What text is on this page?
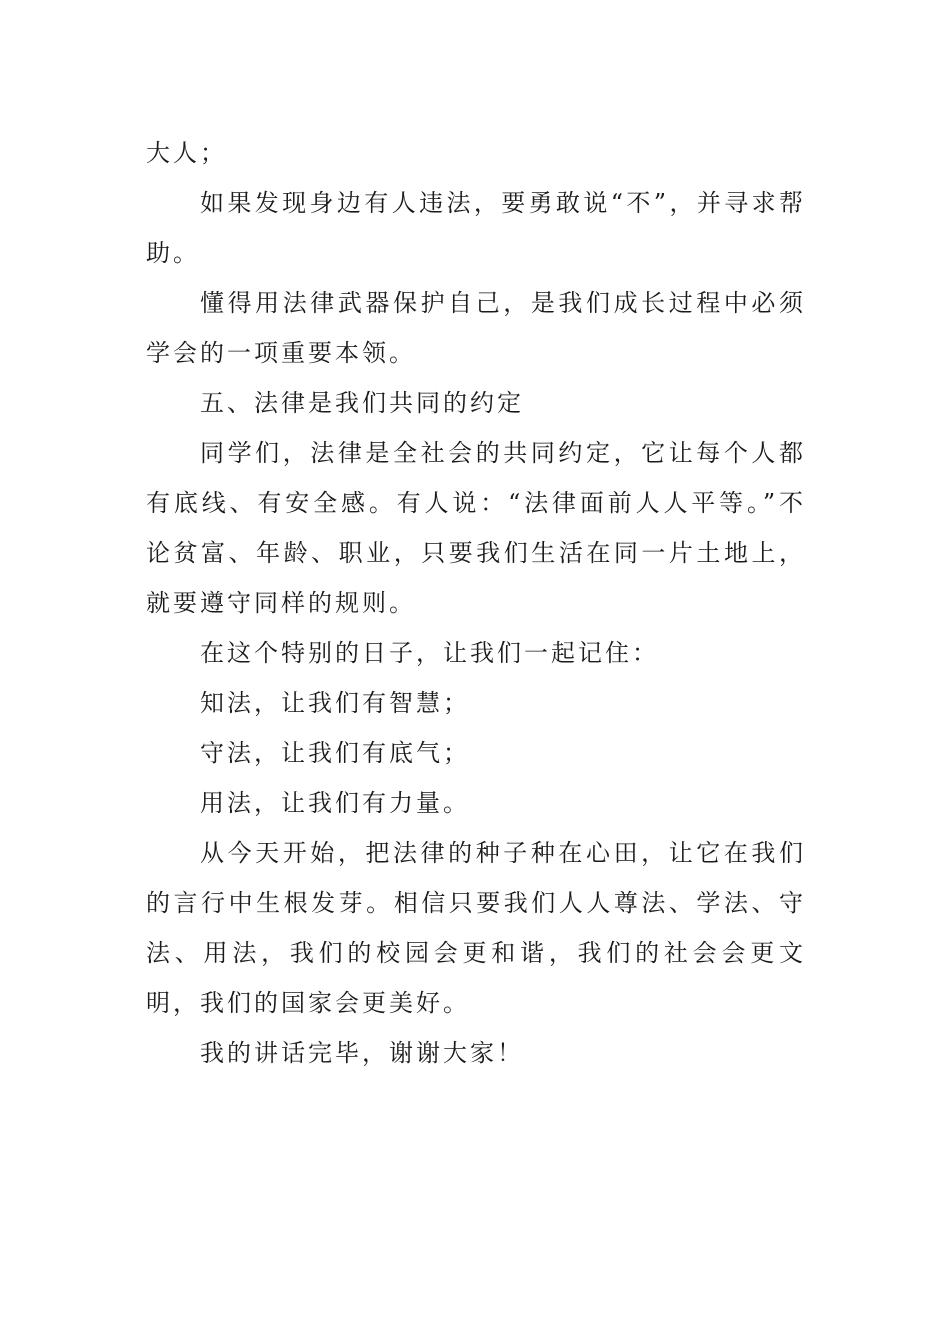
大人；

如果发现身边有人违法，要勇敢说“不”，并寻求帮助。

懂得用法律武器保护自己，是我们成长过程中必须学会的一项重要本领。

五、法律是我们共同的约定

同学们，法律是全社会的共同约定，它让每个人都有底线、有安全感。有人说：“法律面前人人平等。”不论贫富、年龄、职业，只要我们生活在同一片土地上，就要遵守同样的规则。

在这个特别的日子，让我们一起记住：

知法，让我们有智慧；

守法，让我们有底气；

用法，让我们有力量。

从今天开始，把法律的种子种在心田，让它在我们的言行中生根发芽。相信只要我们人人尊法、学法、守法、用法，我们的校园会更和谐，我们的社会会更文明，我们的国家会更美好。

我的讲话完毕，谢谢大家！
